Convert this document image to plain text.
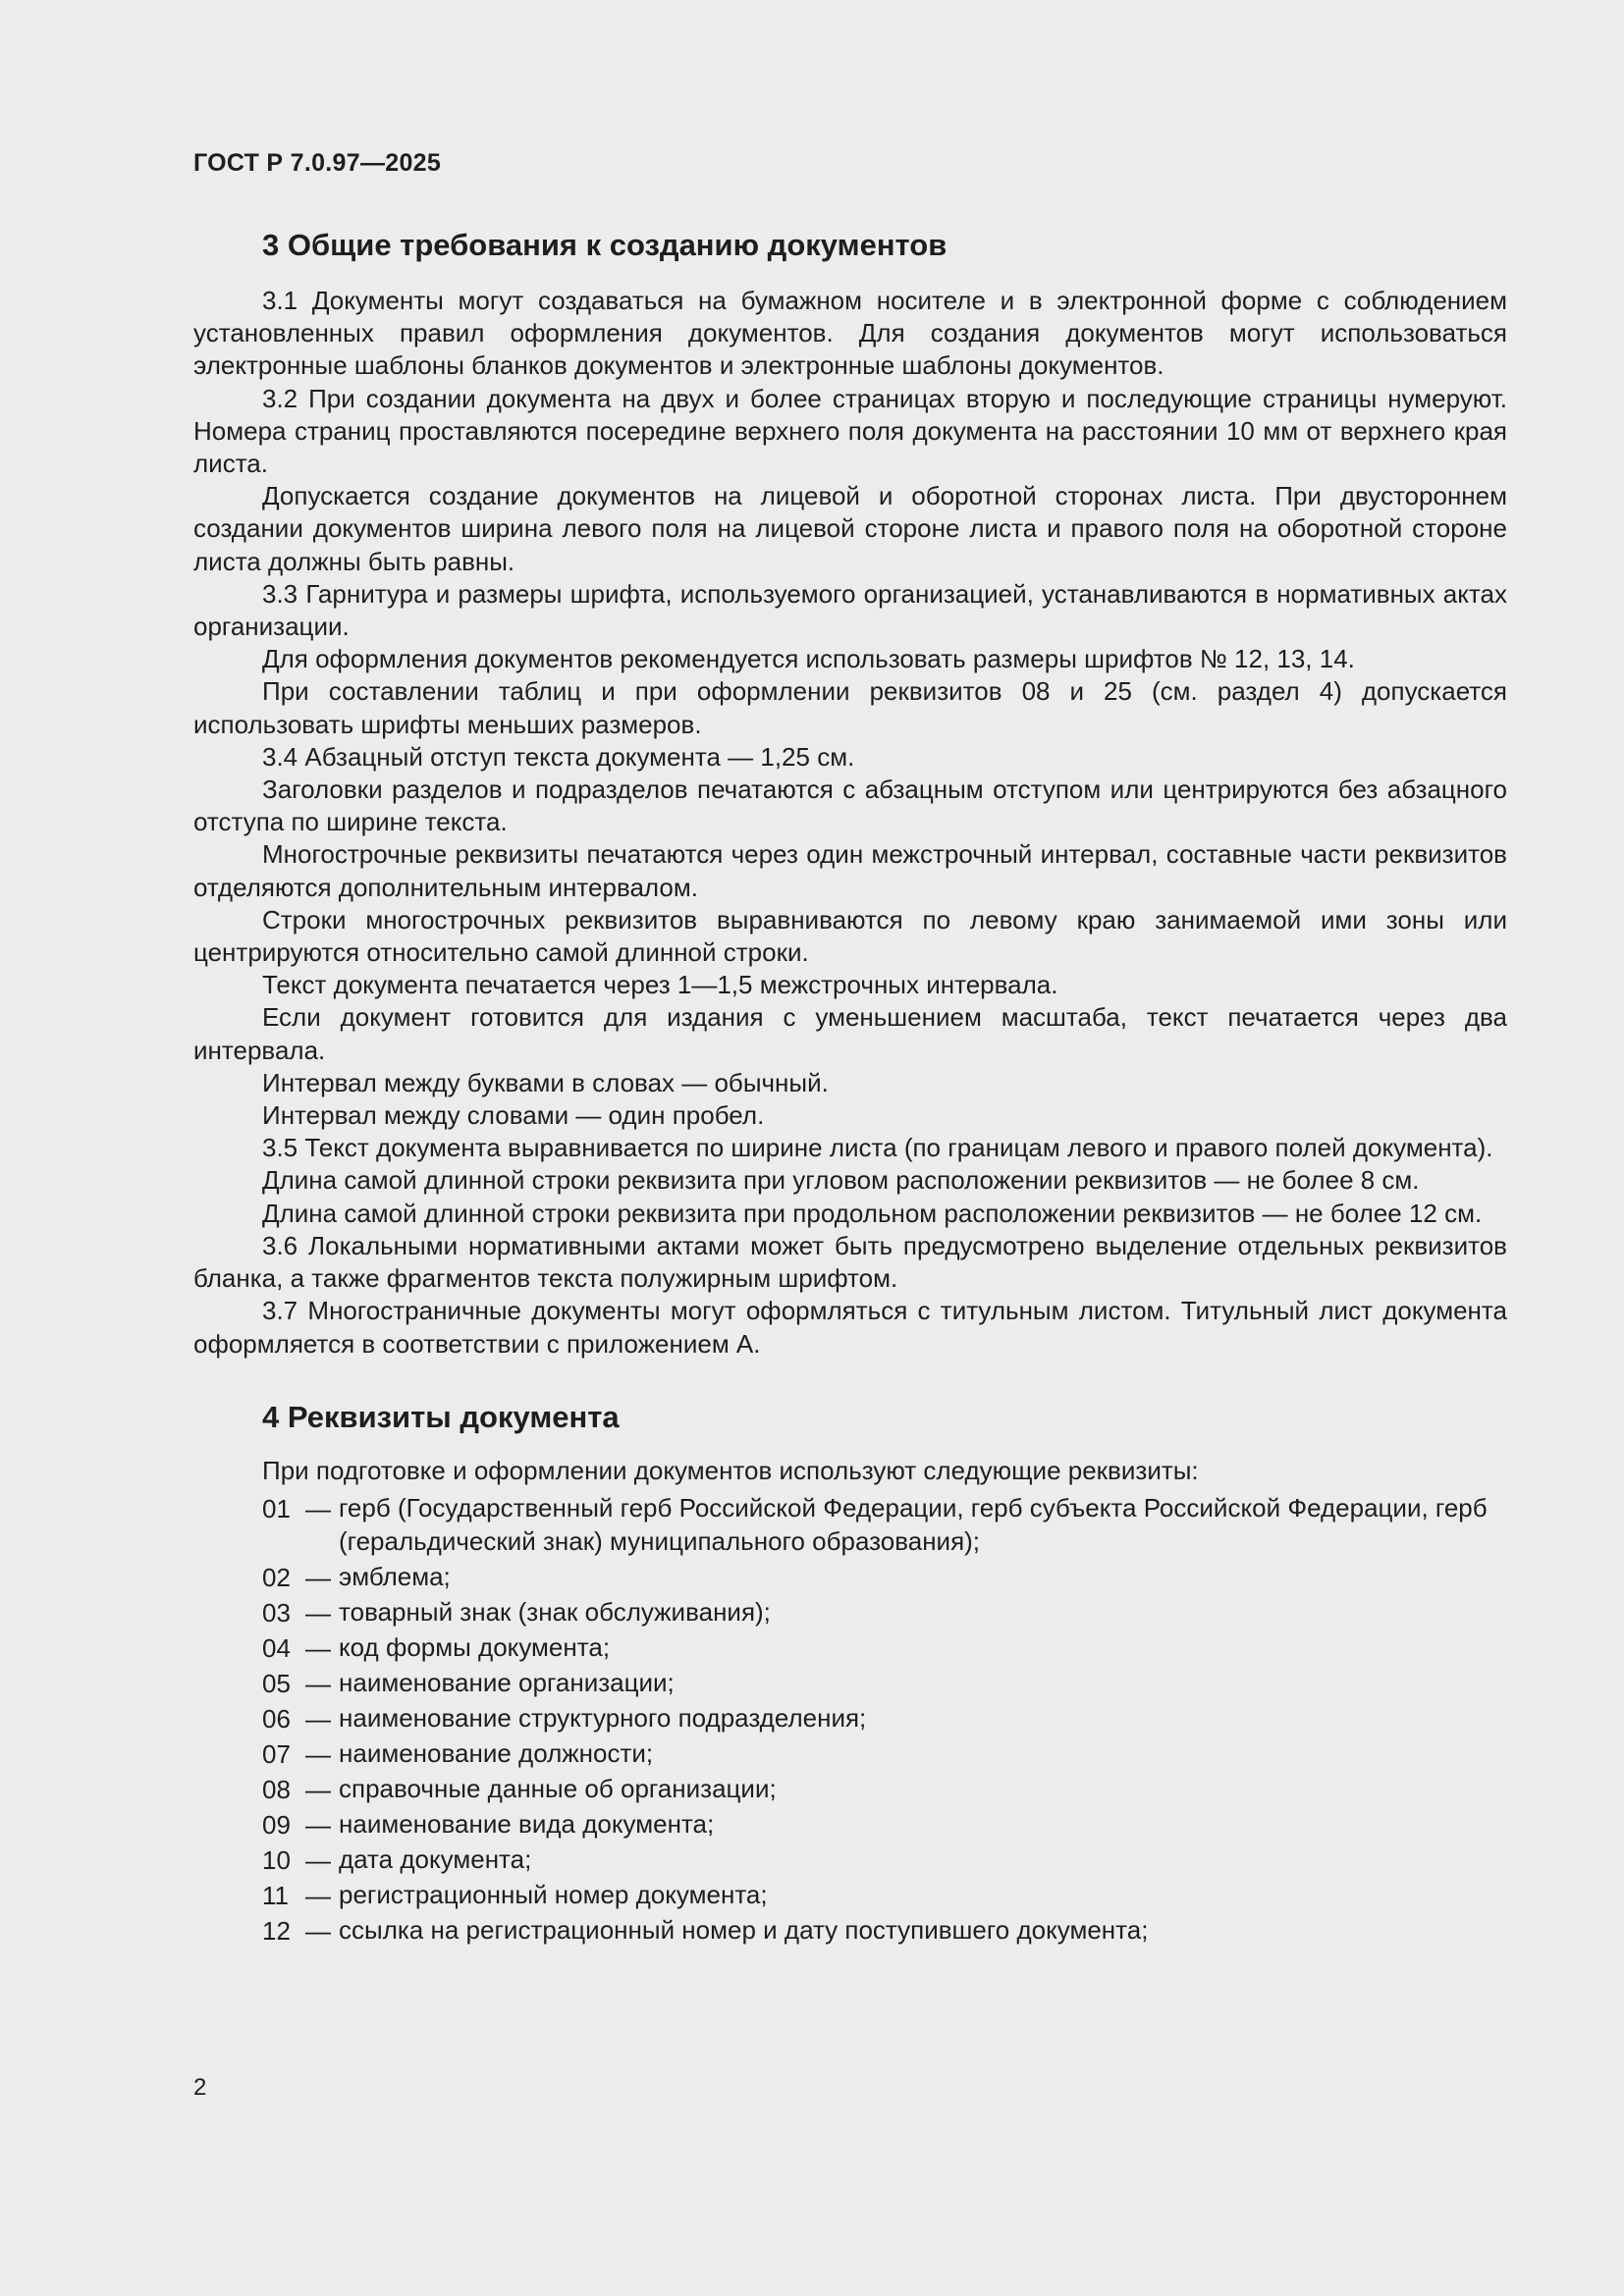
ГОСТ Р 7.0.97—2025
3 Общие требования к созданию документов

3.1 Документы могут создаваться на бумажном носителе и в электронной форме с соблюдением установленных правил оформления документов. Для создания документов могут использоваться электронные шаблоны бланков документов и электронные шаблоны документов.

3.2 При создании документа на двух и более страницах вторую и последующие страницы нумеруют. Номера страниц проставляются посередине верхнего поля документа на расстоянии 10 мм от верхнего края листа.

Допускается создание документов на лицевой и оборотной сторонах листа. При двустороннем создании документов ширина левого поля на лицевой стороне листа и правого поля на оборотной стороне листа должны быть равны.

3.3 Гарнитура и размеры шрифта, используемого организацией, устанавливаются в нормативных актах организации.

Для оформления документов рекомендуется использовать размеры шрифтов № 12, 13, 14.

При составлении таблиц и при оформлении реквизитов 08 и 25 (см. раздел 4) допускается использовать шрифты меньших размеров.

3.4 Абзацный отступ текста документа — 1,25 см.

Заголовки разделов и подразделов печатаются с абзацным отступом или центрируются без абзацного отступа по ширине текста.

Многострочные реквизиты печатаются через один межстрочный интервал, составные части реквизитов отделяются дополнительным интервалом.

Строки многострочных реквизитов выравниваются по левому краю занимаемой ими зоны или центрируются относительно самой длинной строки.

Текст документа печатается через 1—1,5 межстрочных интервала.

Если документ готовится для издания с уменьшением масштаба, текст печатается через два интервала.

Интервал между буквами в словах — обычный.

Интервал между словами — один пробел.

3.5 Текст документа выравнивается по ширине листа (по границам левого и правого полей документа).

Длина самой длинной строки реквизита при угловом расположении реквизитов — не более 8 см.

Длина самой длинной строки реквизита при продольном расположении реквизитов — не более 12 см.

3.6 Локальными нормативными актами может быть предусмотрено выделение отдельных реквизитов бланка, а также фрагментов текста полужирным шрифтом.

3.7 Многостраничные документы могут оформляться с титульным листом. Титульный лист документа оформляется в соответствии с приложением А.

4 Реквизиты документа

При подготовке и оформлении документов используют следующие реквизиты:

01 — герб (Государственный герб Российской Федерации, герб субъекта Российской Федерации, герб (геральдический знак) муниципального образования);
02 — эмблема;
03 — товарный знак (знак обслуживания);
04 — код формы документа;
05 — наименование организации;
06 — наименование структурного подразделения;
07 — наименование должности;
08 — справочные данные об организации;
09 — наименование вида документа;
10 — дата документа;
11 — регистрационный номер документа;
12 — ссылка на регистрационный номер и дату поступившего документа;
2
